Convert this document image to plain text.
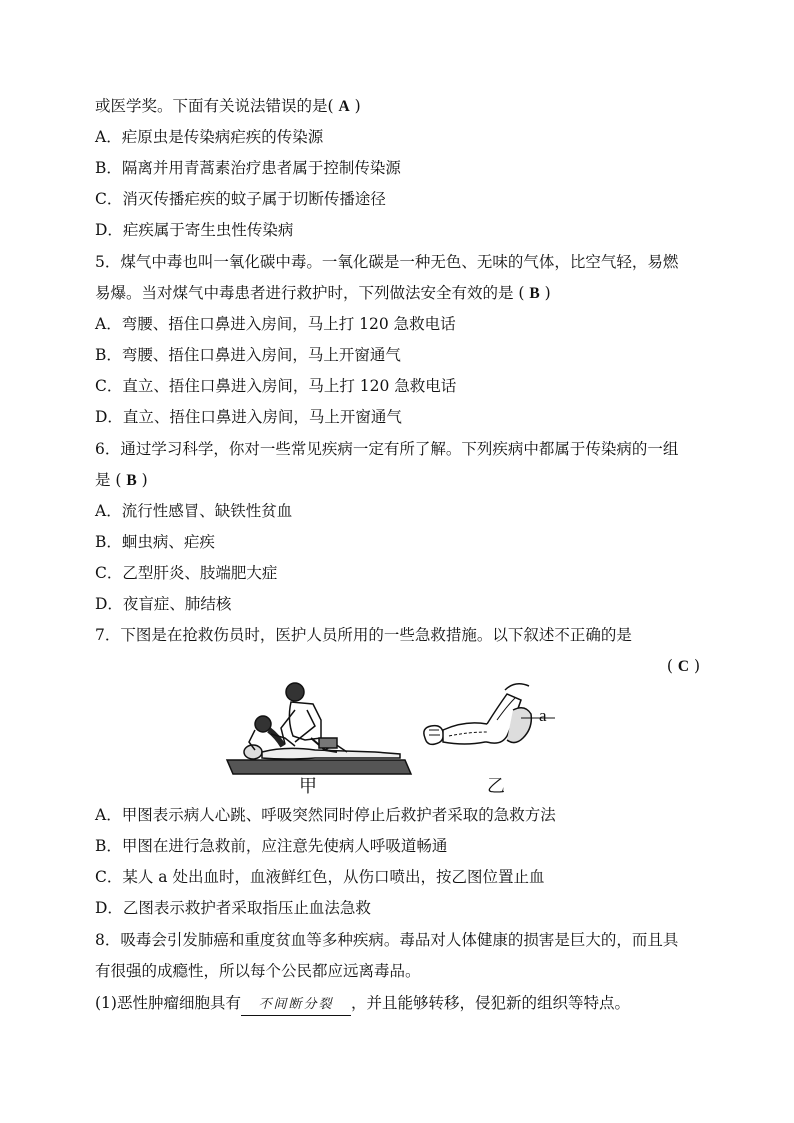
或医学奖。下面有关说法错误的是( A )
A．疟原虫是传染病疟疾的传染源
B．隔离并用青蒿素治疗患者属于控制传染源
C．消灭传播疟疾的蚊子属于切断传播途径
D．疟疾属于寄生虫性传染病
5．煤气中毒也叫一氧化碳中毒。一氧化碳是一种无色、无味的气体，比空气轻，易燃
易爆。当对煤气中毒患者进行救护时，下列做法安全有效的是 ( B )
A．弯腰、捂住口鼻进入房间，马上打 120 急救电话
B．弯腰、捂住口鼻进入房间，马上开窗通气
C．直立、捂住口鼻进入房间，马上打 120 急救电话
D．直立、捂住口鼻进入房间，马上开窗通气
6．通过学习科学，你对一些常见疾病一定有所了解。下列疾病中都属于传染病的一组
是 ( B )
A．流行性感冒、缺铁性贫血
B．蛔虫病、疟疾
C．乙型肝炎、肢端肥大症
D．夜盲症、肺结核
7．下图是在抢救伤员时，医护人员所用的一些急救措施。以下叙述不正确的是
( C )
甲	乙
a
A．甲图表示病人心跳、呼吸突然同时停止后救护者采取的急救方法
B．甲图在进行急救前，应注意先使病人呼吸道畅通
C．某人 a 处出血时，血液鲜红色，从伤口喷出，按乙图位置止血
D．乙图表示救护者采取指压止血法急救
8．吸毒会引发肺癌和重度贫血等多种疾病。毒品对人体健康的损害是巨大的，而且具
有很强的成瘾性，所以每个公民都应远离毒品。
(1)恶性肿瘤细胞具有 不间断分裂 ，并且能够转移，侵犯新的组织等特点。
